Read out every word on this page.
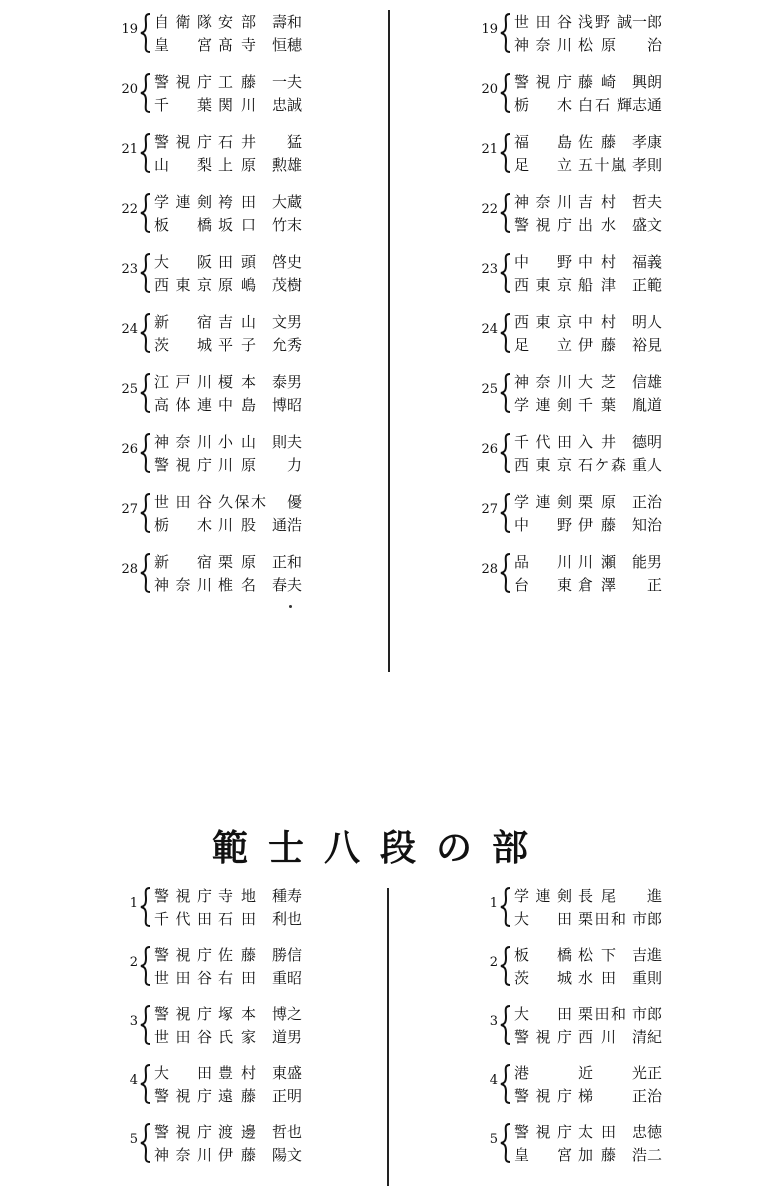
19 自衛隊 安部	壽和
皇宮 髙寺	恒穂
20 警視庁 工藤	一夫
千葉 関川	忠誠
21 警視庁 石井	猛
山梨 上原	勲雄
22 学連剣 袴田	大蔵
板橋 坂口	竹末
23 大阪 田頭	啓史
西東京 原嶋	茂樹
24 新宿 吉山	文男
茨城 平子	允秀
25 江戸川 榎本	泰男
高体連 中島	博昭
26 神奈川 小山	則夫
警視庁 川原	力
27 世田谷 久保木	優
栃木 川股	通浩
28 新宿 栗原	正和
神奈川 椎名	春夫
19 世田谷 浅野 誠一郎
神奈川 松原	治
20 警視庁 藤崎	興朗
栃木 白石 輝志通
21 福島 佐藤	孝康
足立 五十嵐 孝則
22 神奈川 吉村	哲夫
警視庁 出水	盛文
23 中野 中村	福義
西東京 船津	正範
24 西東京 中村	明人
足立 伊藤	裕見
25 神奈川 大芝	信雄
学連剣 千葉	胤道
26 千代田 入井	德明
西東京 石ケ森 重人
27 学連剣 栗原	正治
中野 伊藤	知治
28 品川 川瀬	能男
台東 倉澤	正
範士八段の部
1 警視庁 寺地	種寿
千代田 石田	利也
2 警視庁 佐藤	勝信
世田谷 右田	重昭
3 警視庁 塚本	博之
世田谷 氏家	道男
4 大田 豊村	東盛
警視庁 遠藤	正明
5 警視庁 渡邊	哲也
神奈川 伊藤	陽文
1 学連剣 長尾	進
大田 栗田和 市郎
2 板橋 松下	吉進
茨城 水田	重則
3 大田 栗田和 市郎
警視庁 西川	清紀
4 港	近	光正
警視庁 梯	正治
5 警視庁 太田	忠徳
皇宮 加藤	浩二
